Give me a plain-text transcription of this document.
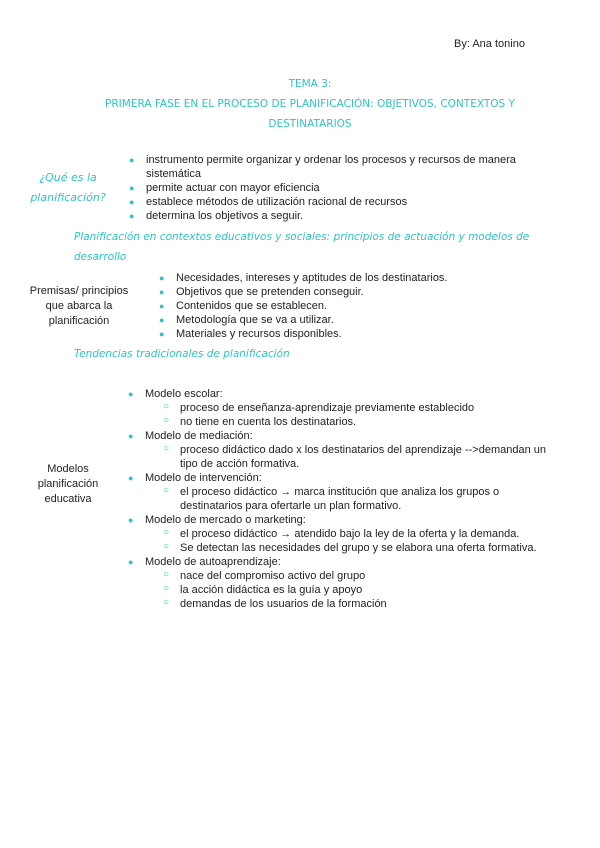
By: Ana tonino
TEMA 3:
PRIMERA FASE EN EL PROCESO DE PLANIFICACIÓN: OBJETIVOS, CONTEXTOS Y
DESTINATARIOS
¿Qué es la
planificación?
● instrumento permite organizar y ordenar los procesos y recursos de manera sistemática
● permite actuar con mayor eficiencia
● establece métodos de utilización racional de recursos
● determina los objetivos a seguir.
Planificación en contextos educativos y sociales: principios de actuación y modelos de
desarrollo
Premisas/ principios
que abarca la
planificación
● Necesidades, intereses y aptitudes de los destinatarios.
● Objetivos que se pretenden conseguir.
● Contenidos que se establecen.
● Metodología que se va a utilizar.
● Materiales y recursos disponibles.
Tendencias tradicionales de planificación
Modelos
planificación
educativa
● Modelo escolar:
○ proceso de enseñanza-aprendizaje previamente establecido
○ no tiene en cuenta los destinatarios.
● Modelo de mediación:
○ proceso didáctico dado x los destinatarios del aprendizaje -->demandan un tipo de acción formativa.
● Modelo de intervención:
○ el proceso didáctico → marca institución que analiza los grupos o destinatarios para ofertarle un plan formativo.
● Modelo de mercado o marketing:
○ el proceso didáctico → atendido bajo la ley de la oferta y la demanda.
○ Se detectan las necesidades del grupo y se elabora una oferta formativa.
● Modelo de autoaprendizaje:
○ nace del compromiso activo del grupo
○ la acción didáctica es la guía y apoyo
○ demandas de los usuarios de la formación
